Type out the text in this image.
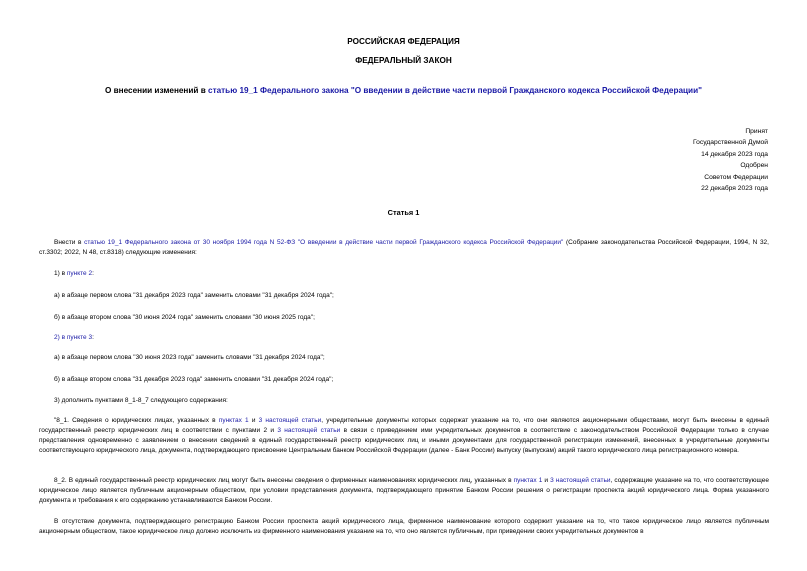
РОССИЙСКАЯ ФЕДЕРАЦИЯ
ФЕДЕРАЛЬНЫЙ ЗАКОН
О внесении изменений в статью 19_1 Федерального закона "О введении в действие части первой Гражданского кодекса Российской Федерации"
Принят
Государственной Думой
14 декабря 2023 года
Одобрен
Советом Федерации
22 декабря 2023 года
Статья 1
Внести в статью 19_1 Федерального закона от 30 ноября 1994 года N 52-ФЗ "О введении в действие части первой Гражданского кодекса Российской Федерации" (Собрание законодательства Российской Федерации, 1994, N 32, ст.3302; 2022, N 48, ст.8318) следующие изменения:
1) в пункте 2:
а) в абзаце первом слова "31 декабря 2023 года" заменить словами "31 декабря 2024 года";
б) в абзаце втором слова "30 июня 2024 года" заменить словами "30 июня 2025 года";
2) в пункте 3:
а) в абзаце первом слова "30 июня 2023 года" заменить словами "31 декабря 2024 года";
б) в абзаце втором слова "31 декабря 2023 года" заменить словами "31 декабря 2024 года";
3) дополнить пунктами 8_1-8_7 следующего содержания:
"8_1. Сведения о юридических лицах, указанных в пунктах 1 и 3 настоящей статьи, учредительные документы которых содержат указание на то, что они являются акционерными обществами, могут быть внесены в единый государственный реестр юридических лиц в соответствии с пунктами 2 и 3 настоящей статьи в связи с приведением ими учредительных документов в соответствие с законодательством Российской Федерации только в случае представления одновременно с заявлением о внесении сведений в единый государственный реестр юридических лиц и иными документами для государственной регистрации изменений, внесенных в учредительные документы соответствующего юридического лица, документа, подтверждающего присвоение Центральным банком Российской Федерации (далее - Банк России) выпуску (выпускам) акций такого юридического лица регистрационного номера.
8_2. В единый государственный реестр юридических лиц могут быть внесены сведения о фирменных наименованиях юридических лиц, указанных в пунктах 1 и 3 настоящей статьи, содержащие указание на то, что соответствующее юридическое лицо является публичным акционерным обществом, при условии представления документа, подтверждающего принятие Банком России решения о регистрации проспекта акций юридического лица. Форма указанного документа и требования к его содержанию устанавливаются Банком России.
В отсутствие документа, подтверждающего регистрацию Банком России проспекта акций юридического лица, фирменное наименование которого содержит указание на то, что такое юридическое лицо является публичным акционерным обществом, такое юридическое лицо должно исключить из фирменного наименования указание на то, что оно является публичным, при приведении своих учредительных документов в
